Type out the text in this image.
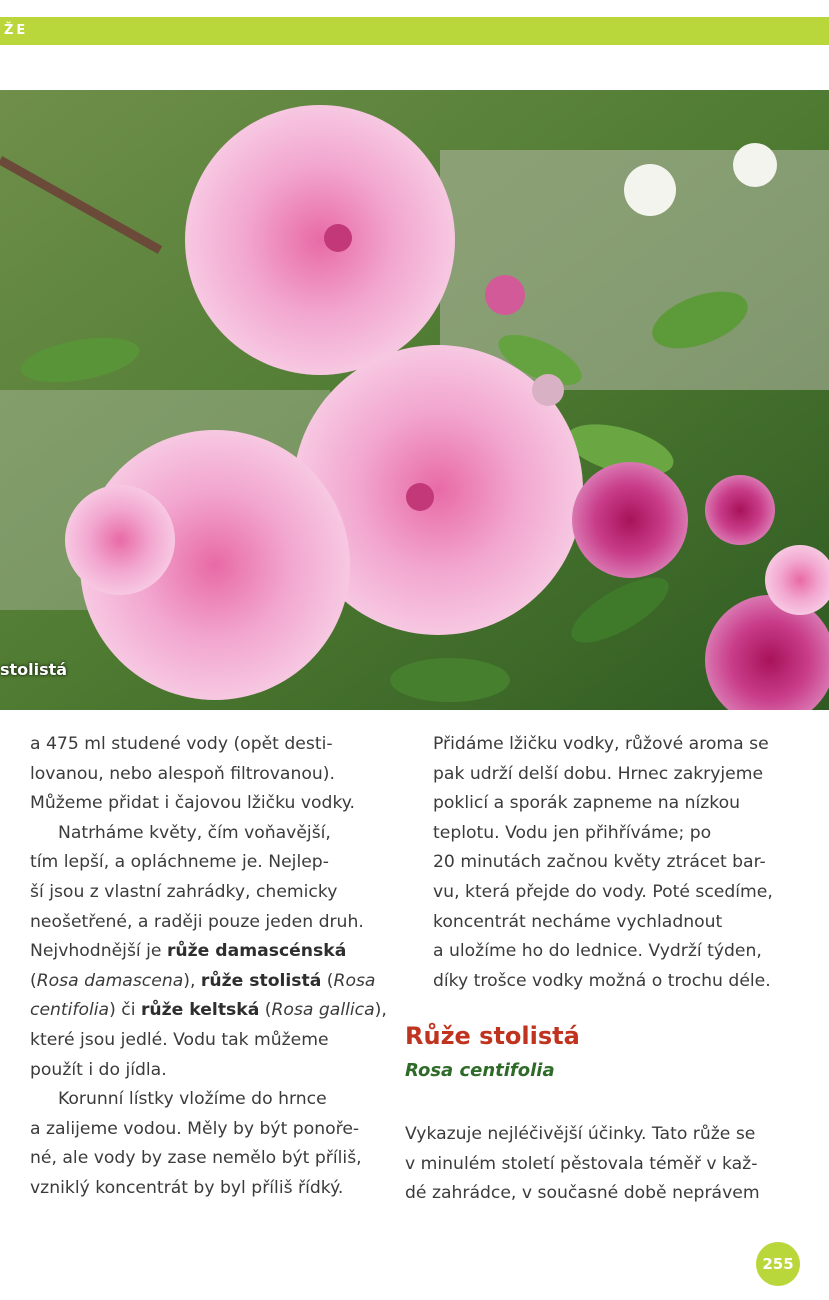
ŽE
stolistá
a 475 ml studené vody (opět desti-
lovanou, nebo alespoň filtrovanou).
Můžeme přidat i čajovou lžičku vodky.
Natrháme květy, čím voňavější,
tím lepší, a opláchneme je. Nejlep-
ší jsou z vlastní zahrádky, chemicky
neošetřené, a raději pouze jeden druh.
Nejvhodnější je růže damascénská
(Rosa damascena), růže stolistá (Rosa
centifolia) či růže keltská (Rosa gallica),
které jsou jedlé. Vodu tak můžeme
použít i do jídla.
Korunní lístky vložíme do hrnce
a zalijeme vodou. Měly by být ponoře-
né, ale vody by zase nemělo být příliš,
vzniklý koncentrát by byl příliš řídký.
Přidáme lžičku vodky, růžové aroma se
pak udrží delší dobu. Hrnec zakryjeme
poklicí a sporák zapneme na nízkou
teplotu. Vodu jen přihříváme; po
20 minutách začnou květy ztrácet bar-
vu, která přejde do vody. Poté scedíme,
koncentrát necháme vychladnout
a uložíme ho do lednice. Vydrží týden,
díky trošce vodky možná o trochu déle.
Růže stolistá
Rosa centifolia
Vykazuje nejléčivější účinky. Tato růže se
v minulém století pěstovala téměř v kaž-
dé zahrádce, v současné době neprávem
255
